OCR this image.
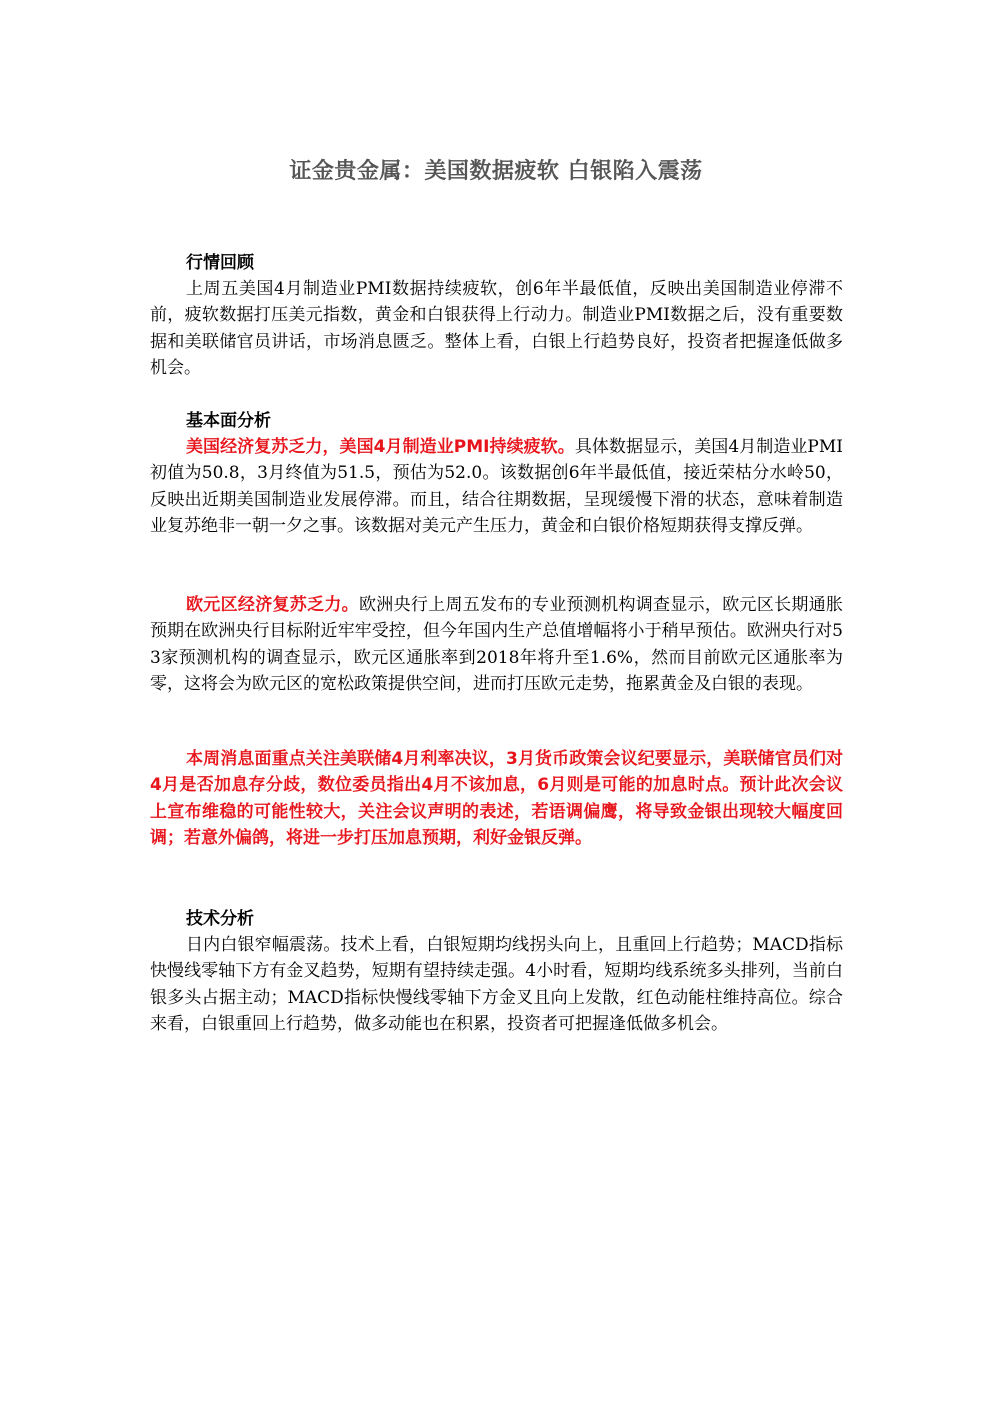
证金贵金属：美国数据疲软 白银陷入震荡
行情回顾

上周五美国4月制造业PMI数据持续疲软，创6年半最低值，反映出美国制造业停滞不前，疲软数据打压美元指数，黄金和白银获得上行动力。制造业PMI数据之后，没有重要数据和美联储官员讲话，市场消息匮乏。整体上看，白银上行趋势良好，投资者把握逢低做多机会。

基本面分析

美国经济复苏乏力，美国4月制造业PMI持续疲软。具体数据显示，美国4月制造业PMI初值为50.8，3月终值为51.5，预估为52.0。该数据创6年半最低值，接近荣枯分水岭50，反映出近期美国制造业发展停滞。而且，结合往期数据，呈现缓慢下滑的状态，意味着制造业复苏绝非一朝一夕之事。该数据对美元产生压力，黄金和白银价格短期获得支撑反弹。

欧元区经济复苏乏力。欧洲央行上周五发布的专业预测机构调查显示，欧元区长期通胀预期在欧洲央行目标附近牢牢受控，但今年国内生产总值增幅将小于稍早预估。欧洲央行对53家预测机构的调查显示，欧元区通胀率到2018年将升至1.6%，然而目前欧元区通胀率为零，这将会为欧元区的宽松政策提供空间，进而打压欧元走势，拖累黄金及白银的表现。

本周消息面重点关注美联储4月利率决议，3月货币政策会议纪要显示，美联储官员们对4月是否加息存分歧，数位委员指出4月不该加息，6月则是可能的加息时点。预计此次会议上宣布维稳的可能性较大，关注会议声明的表述，若语调偏鹰，将导致金银出现较大幅度回调；若意外偏鸽，将进一步打压加息预期，利好金银反弹。

技术分析

日内白银窄幅震荡。技术上看，白银短期均线拐头向上，且重回上行趋势；MACD指标快慢线零轴下方有金叉趋势，短期有望持续走强。4小时看，短期均线系统多头排列，当前白银多头占据主动；MACD指标快慢线零轴下方金叉且向上发散，红色动能柱维持高位。综合来看，白银重回上行趋势，做多动能也在积累，投资者可把握逢低做多机会。
